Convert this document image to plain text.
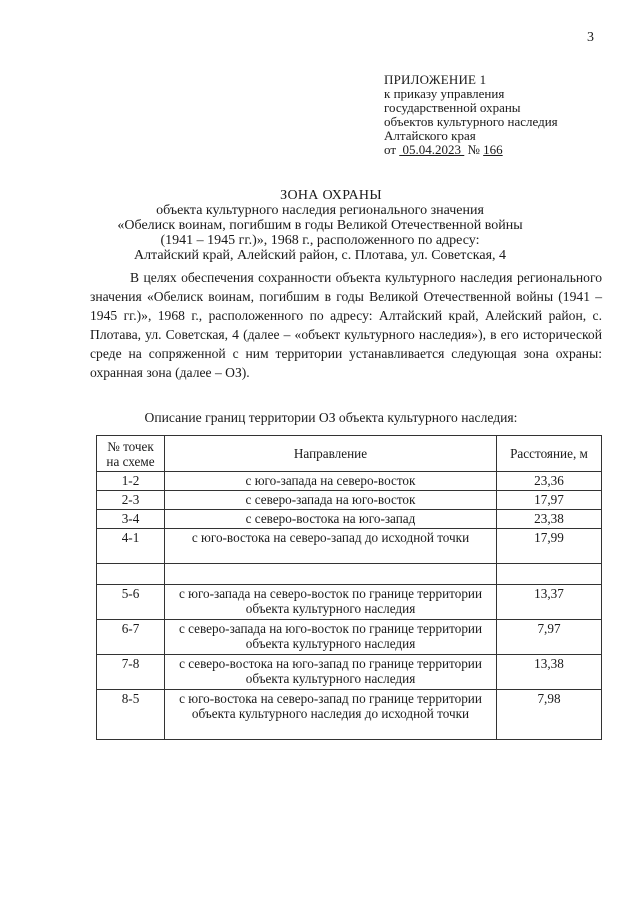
3
ПРИЛОЖЕНИЕ 1
к приказу управления
государственной охраны
объектов культурного наследия
Алтайского края
от 05.04.2023 № 166
ЗОНА ОХРАНЫ
объекта культурного наследия регионального значения
«Обелиск воинам, погибшим в годы Великой Отечественной войны
(1941 – 1945 гг.)», 1968 г., расположенного по адресу:
Алтайский край, Алейский район, с. Плотава, ул. Советская, 4
В целях обеспечения сохранности объекта культурного наследия регионального значения «Обелиск воинам, погибшим в годы Великой Отечественной войны (1941 – 1945 гг.)», 1968 г., расположенного по адресу: Алтайский край, Алейский район, с. Плотава, ул. Советская, 4 (далее – «объект культурного наследия»), в его исторической среде на сопряженной с ним территории устанавливается следующая зона охраны: охранная зона (далее – ОЗ).
Описание границ территории ОЗ объекта культурного наследия:
№ точек на схеме	Направление	Расстояние, м
1-2	с юго-запада на северо-восток	23,36
2-3	с северо-запада на юго-восток	17,97
3-4	с северо-востока на юго-запад	23,38
4-1	с юго-востока на северо-запад до исходной точки	17,99

5-6	с юго-запада на северо-восток по границе территории объекта культурного наследия	13,37
6-7	с северо-запада на юго-восток по границе территории объекта культурного наследия	7,97
7-8	с северо-востока на юго-запад по границе территории объекта культурного наследия	13,38
8-5	с юго-востока на северо-запад по границе территории объекта культурного наследия до исходной точки	7,98
